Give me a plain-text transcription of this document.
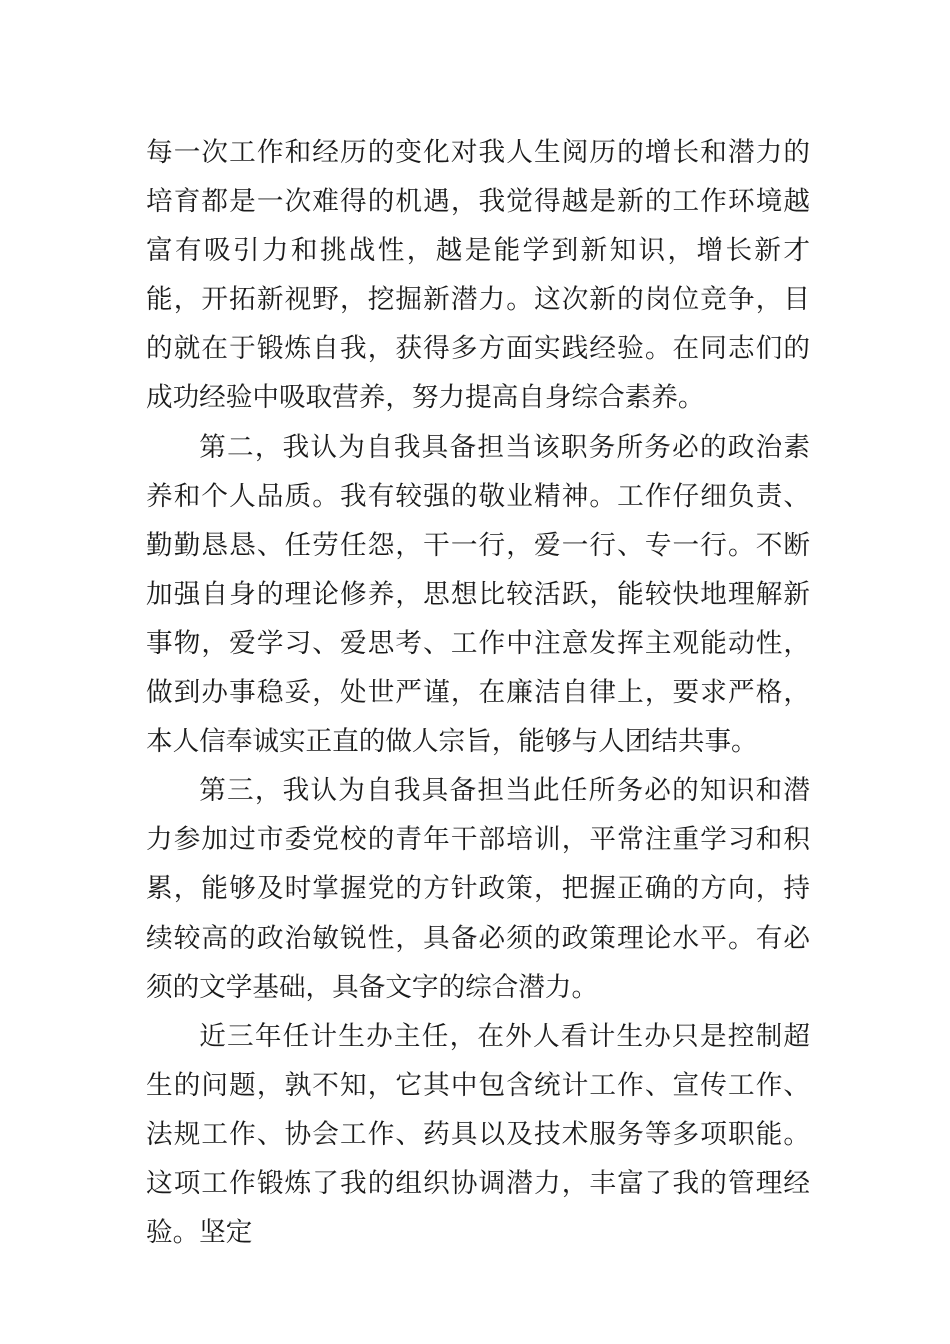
每一次工作和经历的变化对我人生阅历的增长和潜力的培育都是一次难得的机遇，我觉得越是新的工作环境越富有吸引力和挑战性，越是能学到新知识，增长新才能，开拓新视野，挖掘新潜力。这次新的岗位竞争，目的就在于锻炼自我，获得多方面实践经验。在同志们的成功经验中吸取营养，努力提高自身综合素养。

第二，我认为自我具备担当该职务所务必的政治素养和个人品质。我有较强的敬业精神。工作仔细负责、勤勤恳恳、任劳任怨，干一行，爱一行、专一行。不断加强自身的理论修养，思想比较活跃，能较快地理解新事物，爱学习、爱思考、工作中注意发挥主观能动性，做到办事稳妥，处世严谨，在廉洁自律上，要求严格，本人信奉诚实正直的做人宗旨，能够与人团结共事。

第三，我认为自我具备担当此任所务必的知识和潜力参加过市委党校的青年干部培训，平常注重学习和积累，能够及时掌握党的方针政策，把握正确的方向，持续较高的政治敏锐性，具备必须的政策理论水平。有必须的文学基础，具备文字的综合潜力。

近三年任计生办主任，在外人看计生办只是控制超生的问题，孰不知，它其中包含统计工作、宣传工作、法规工作、协会工作、药具以及技术服务等多项职能。这项工作锻炼了我的组织协调潜力，丰富了我的管理经验。坚定
